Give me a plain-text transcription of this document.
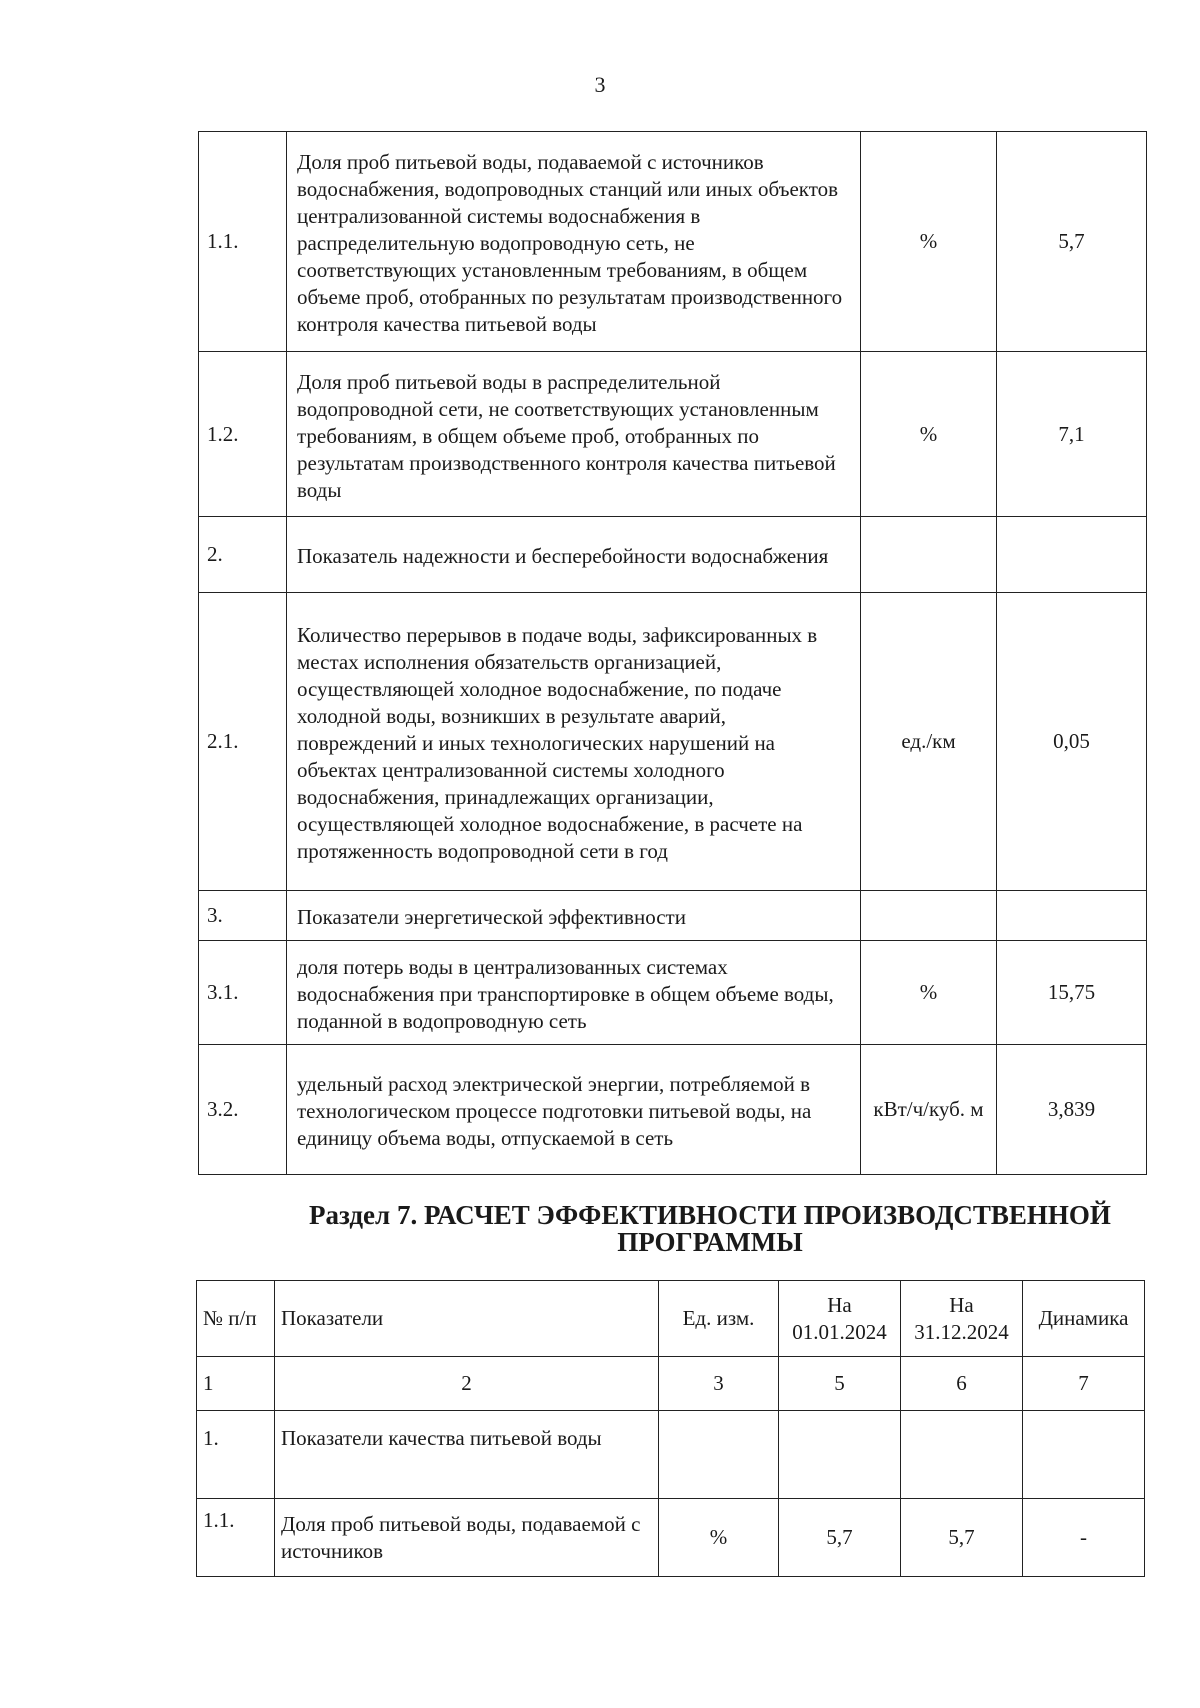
3
1.1.	Доля проб питьевой воды, подаваемой с источников водоснабжения, водопроводных станций или иных объектов централизованной системы водоснабжения в распределительную водопроводную сеть, не соответствующих установленным требованиям, в общем объеме проб, отобранных по результатам производственного контроля качества питьевой воды	%	5,7
1.2.	Доля проб питьевой воды в распределительной водопроводной сети, не соответствующих установленным требованиям, в общем объеме проб, отобранных по результатам производственного контроля качества питьевой воды	%	7,1
2.	Показатель надежности и бесперебойности водоснабжения		
2.1.	Количество перерывов в подаче воды, зафиксированных в местах исполнения обязательств организацией, осуществляющей холодное водоснабжение, по подаче холодной воды, возникших в результате аварий, повреждений и иных технологических нарушений на объектах централизованной системы холодного водоснабжения, принадлежащих организации, осуществляющей холодное водоснабжение, в расчете на протяженность водопроводной сети в год	ед./км	0,05
3.	Показатели энергетической эффективности		
3.1.	доля потерь воды в централизованных системах водоснабжения при транспортировке в общем объеме воды, поданной в водопроводную сеть	%	15,75
3.2.	удельный расход электрической энергии, потребляемой в технологическом процессе подготовки питьевой воды, на единицу объема воды, отпускаемой в сеть	кВт/ч/куб. м	3,839
Раздел 7. РАСЧЕТ ЭФФЕКТИВНОСТИ ПРОИЗВОДСТВЕННОЙ
ПРОГРАММЫ
№ п/п	Показатели	Ед. изм.	На 01.01.2024	На 31.12.2024	Динамика
1	2	3	5	6	7
1.	Показатели качества питьевой воды				
1.1.	Доля проб питьевой воды, подаваемой с источников	%	5,7	5,7	-
